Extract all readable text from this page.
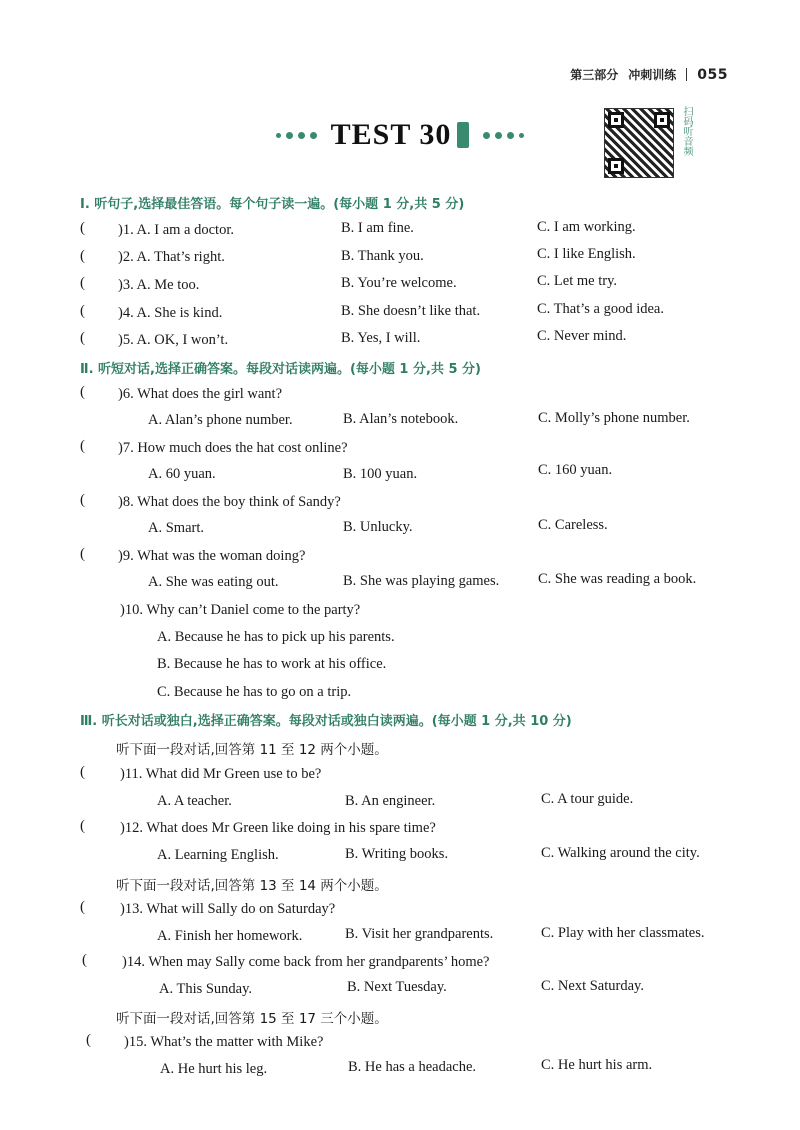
第三部分 冲刺训练 055
TEST 30	扫码听音频
Ⅰ. 听句子,选择最佳答语。每个句子读一遍。(每小题 1 分,共 5 分)
( )1. A. I am a doctor.	B. I am fine.	C. I am working.
( )2. A. That’s right.	B. Thank you.	C. I like English.
( )3. A. Me too.	B. You’re welcome.	C. Let me try.
( )4. A. She is kind.	B. She doesn’t like that.	C. That’s a good idea.
( )5. A. OK, I won’t.	B. Yes, I will.	C. Never mind.
Ⅱ. 听短对话,选择正确答案。每段对话读两遍。(每小题 1 分,共 5 分)
( )6. What does the girl want?
A. Alan’s phone number.	B. Alan’s notebook.	C. Molly’s phone number.
( )7. How much does the hat cost online?
A. 60 yuan.	B. 100 yuan.	C. 160 yuan.
( )8. What does the boy think of Sandy?
A. Smart.	B. Unlucky.	C. Careless.
( )9. What was the woman doing?
A. She was eating out.	B. She was playing games.	C. She was reading a book.
)10. Why can’t Daniel come to the party?
A. Because he has to pick up his parents.
B. Because he has to work at his office.
C. Because he has to go on a trip.
Ⅲ. 听长对话或独白,选择正确答案。每段对话或独白读两遍。(每小题 1 分,共 10 分)
听下面一段对话,回答第 11 至 12 两个小题。
( )11. What did Mr Green use to be?
A. A teacher.	B. An engineer.	C. A tour guide.
( )12. What does Mr Green like doing in his spare time?
A. Learning English.	B. Writing books.	C. Walking around the city.
听下面一段对话,回答第 13 至 14 两个小题。
( )13. What will Sally do on Saturday?
A. Finish her homework.	B. Visit her grandparents.	C. Play with her classmates.
( )14. When may Sally come back from her grandparents’ home?
A. This Sunday.	B. Next Tuesday.	C. Next Saturday.
听下面一段对话,回答第 15 至 17 三个小题。
( )15. What’s the matter with Mike?
A. He hurt his leg.	B. He has a headache.	C. He hurt his arm.
